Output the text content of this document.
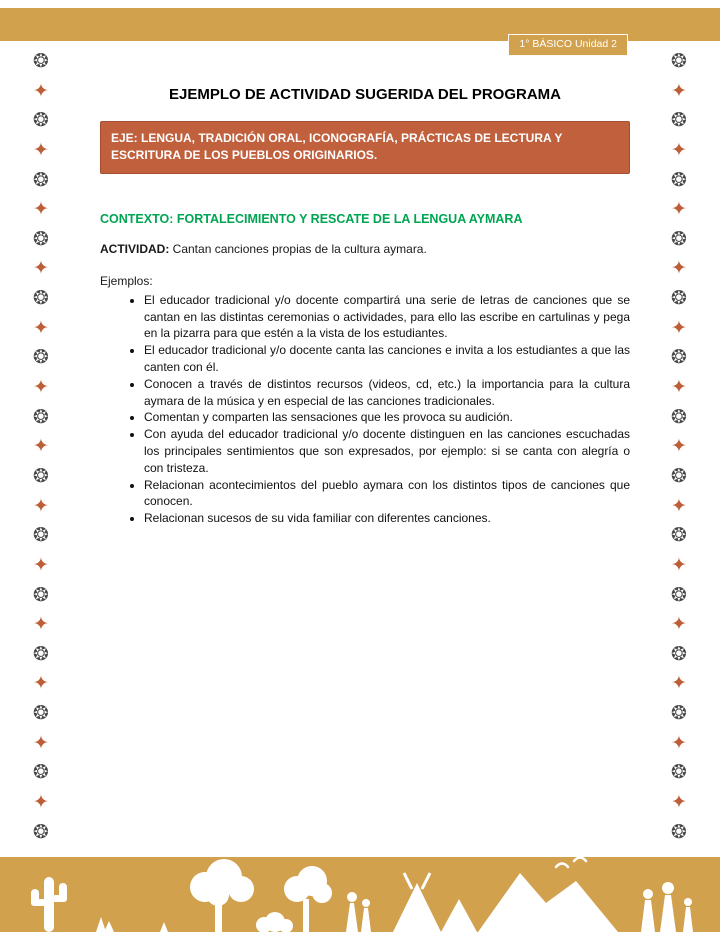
1° BÁSICO Unidad 2
❂
✦
❂
✦
❂
✦
❂
✦
❂
✦
❂
✦
❂
✦
❂
✦
❂
✦
❂
✦
❂
✦
❂
✦
❂
✦
❂
❂
✦
❂
✦
❂
✦
❂
✦
❂
✦
❂
✦
❂
✦
❂
✦
❂
✦
❂
✦
❂
✦
❂
✦
❂
✦
❂
EJEMPLO DE ACTIVIDAD SUGERIDA DEL PROGRAMA
EJE: LENGUA, TRADICIÓN ORAL, ICONOGRAFÍA, PRÁCTICAS DE LECTURA Y ESCRITURA DE LOS PUEBLOS ORIGINARIOS.

CONTEXTO: FORTALECIMIENTO Y RESCATE DE LA LENGUA AYMARA

ACTIVIDAD: Cantan canciones propias de la cultura aymara.

Ejemplos:

• El educador tradicional y/o docente compartirá una serie de letras de canciones que se cantan en las distintas ceremonias o actividades, para ello las escribe en cartulinas y pega en la pizarra para que estén a la vista de los estudiantes.
• El educador tradicional y/o docente canta las canciones e invita a los estudiantes a que las canten con él.
• Conocen a través de distintos recursos (videos, cd, etc.) la importancia para la cultura aymara de la música y en especial de las canciones tradicionales.
• Comentan y comparten las sensaciones que les provoca su audición.
• Con ayuda del educador tradicional y/o docente distinguen en las canciones escuchadas los principales sentimientos que son expresados, por ejemplo: si se canta con alegría o con tristeza.
• Relacionan acontecimientos del pueblo aymara con los distintos tipos de canciones que conocen.
• Relacionan sucesos de su vida familiar con diferentes canciones.
